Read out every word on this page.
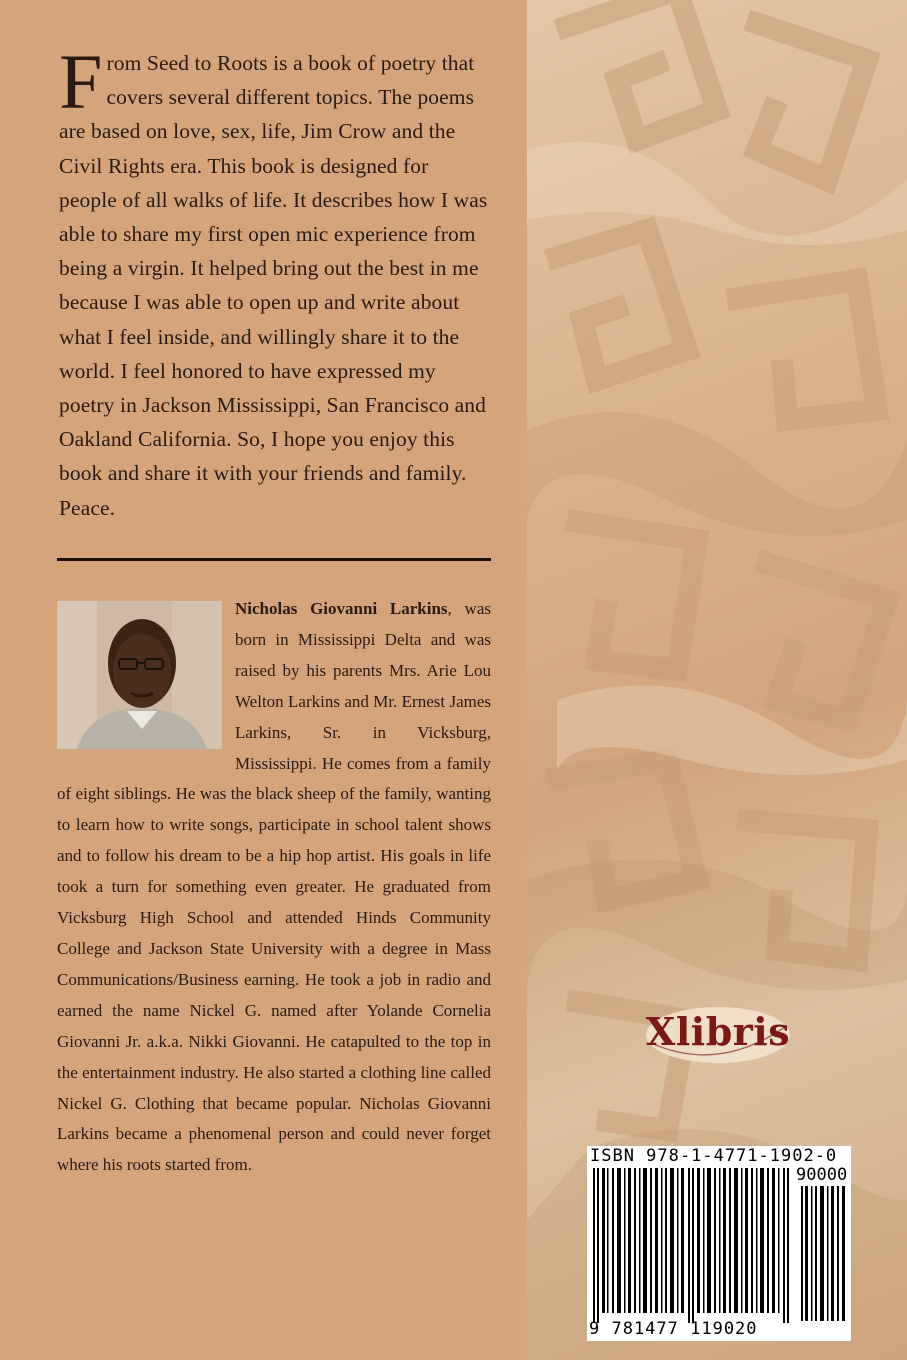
From Seed to Roots is a book of poetry that covers several different topics. The poems are based on love, sex, life, Jim Crow and the Civil Rights era. This book is designed for people of all walks of life. It describes how I was able to share my first open mic experience from being a virgin. It helped bring out the best in me because I was able to open up and write about what I feel inside, and willingly share it to the world. I feel honored to have expressed my poetry in Jackson Mississippi, San Francisco and Oakland California. So, I hope you enjoy this book and share it with your friends and family. Peace.

Nicholas Giovanni Larkins, was born in Mississippi Delta and was raised by his parents Mrs. Arie Lou Welton Larkins and Mr. Ernest James Larkins, Sr. in Vicksburg, Mississippi. He comes from a family of eight siblings. He was the black sheep of the family, wanting to learn how to write songs, participate in school talent shows and to follow his dream to be a hip hop artist. His goals in life took a turn for something even greater. He graduated from Vicksburg High School and attended Hinds Community College and Jackson State University with a degree in Mass Communications/Business earning. He took a job in radio and earned the name Nickel G. named after Yolande Cornelia Giovanni Jr. a.k.a. Nikki Giovanni. He catapulted to the top in the entertainment industry. He also started a clothing line called Nickel G. Clothing that became popular. Nicholas Giovanni Larkins became a phenomenal person and could never forget where his roots started from.

Xlibris
ISBN 978-1-4771-1902-0
90000
9 781477 119020
